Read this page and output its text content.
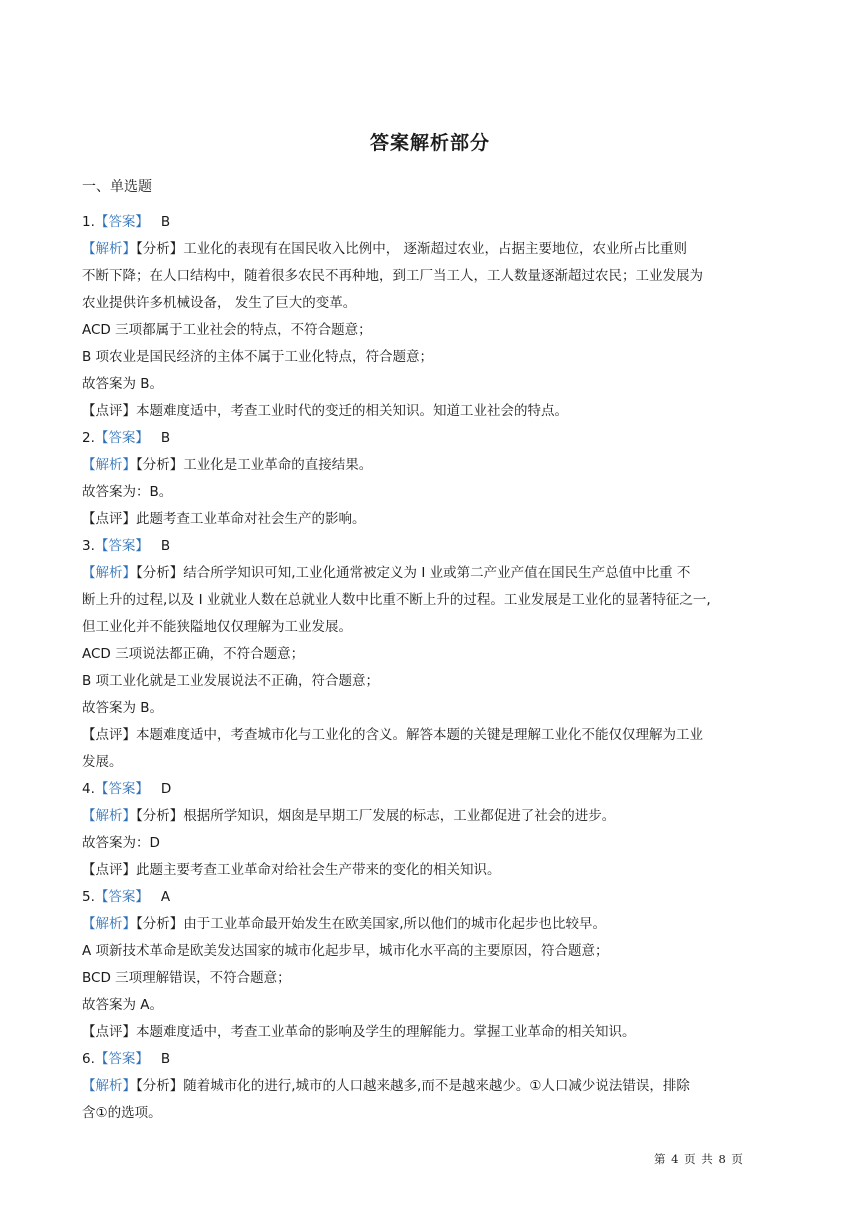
答案解析部分
一、单选题

1.【答案】 B

【解析】【分析】工业化的表现有在国民收入比例中， 逐渐超过农业，占据主要地位，农业所占比重则

不断下降；在人口结构中，随着很多农民不再种地，到工厂当工人，工人数量逐渐超过农民；工业发展为

农业提供许多机械设备， 发生了巨大的变革。

ACD 三项都属于工业社会的特点，不符合题意；

B 项农业是国民经济的主体不属于工业化特点，符合题意；

故答案为 B。

【点评】本题难度适中，考查工业时代的变迁的相关知识。知道工业社会的特点。

2.【答案】 B

【解析】【分析】工业化是工业革命的直接结果。

故答案为：B。

【点评】此题考查工业革命对社会生产的影响。

3.【答案】 B

【解析】【分析】结合所学知识可知,工业化通常被定义为 I 业或第二产业产值在国民生产总值中比重 不

断上升的过程,以及 I 业就业人数在总就业人数中比重不断上升的过程。工业发展是工业化的显著特征之一,

但工业化并不能狭隘地仅仅理解为工业发展。

ACD 三项说法都正确，不符合题意；

B 项工业化就是工业发展说法不正确，符合题意；

故答案为 B。

【点评】本题难度适中，考查城市化与工业化的含义。解答本题的关键是理解工业化不能仅仅理解为工业

发展。

4.【答案】 D

【解析】【分析】根据所学知识，烟囱是早期工厂发展的标志，工业都促进了社会的进步。

故答案为：D

【点评】此题主要考查工业革命对给社会生产带来的变化的相关知识。

5.【答案】 A

【解析】【分析】由于工业革命最开始发生在欧美国家,所以他们的城市化起步也比较早。

A 项新技术革命是欧美发达国家的城市化起步早，城市化水平高的主要原因，符合题意；

BCD 三项理解错误，不符合题意；

故答案为 A。

【点评】本题难度适中，考查工业革命的影响及学生的理解能力。掌握工业革命的相关知识。

6.【答案】 B

【解析】【分析】随着城市化的进行,城市的人口越来越多,而不是越来越少。①人口减少说法错误，排除

含①的选项。

第 4 页 共 8 页
